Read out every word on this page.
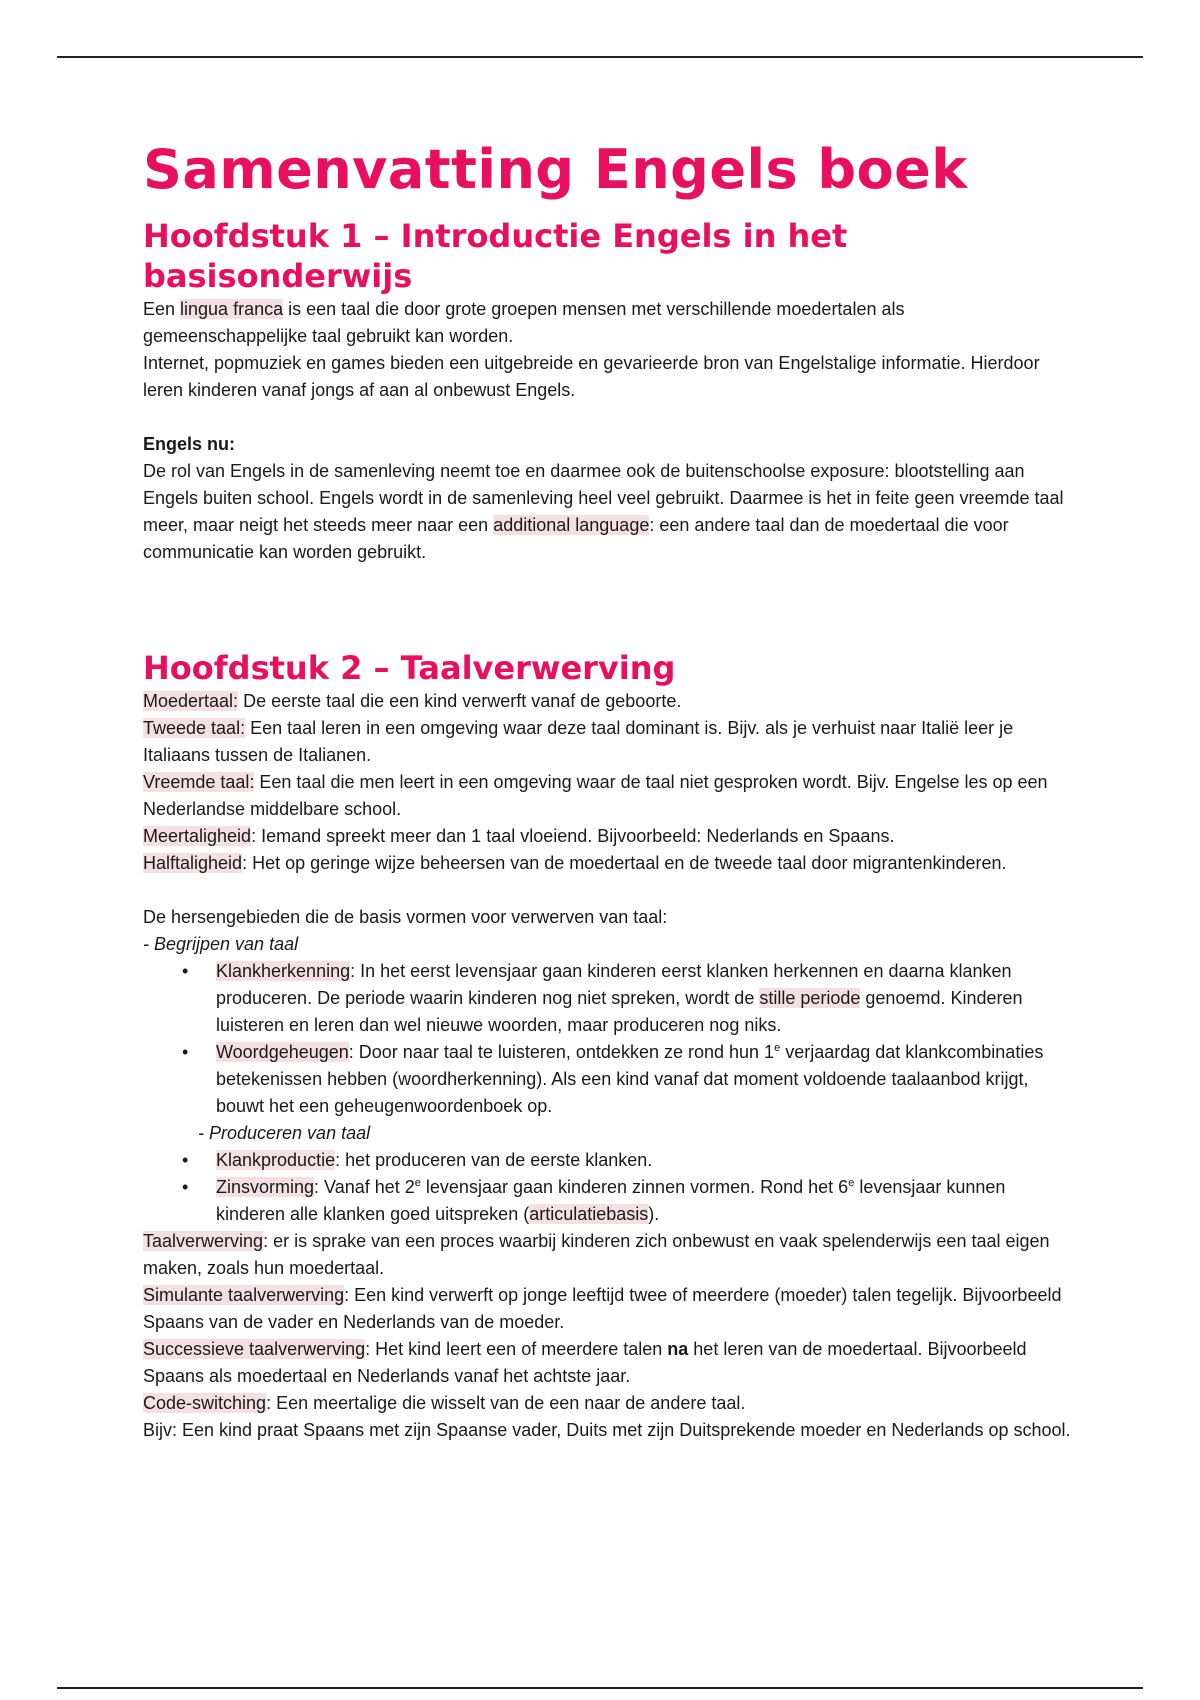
Samenvatting Engels boek
Hoofdstuk 1 – Introductie Engels in het basisonderwijs

Een lingua franca is een taal die door grote groepen mensen met verschillende moedertalen als gemeenschappelijke taal gebruikt kan worden.

Internet, popmuziek en games bieden een uitgebreide en gevarieerde bron van Engelstalige informatie. Hierdoor leren kinderen vanaf jongs af aan al onbewust Engels.

Engels nu:

De rol van Engels in de samenleving neemt toe en daarmee ook de buitenschoolse exposure: blootstelling aan Engels buiten school. Engels wordt in de samenleving heel veel gebruikt. Daarmee is het in feite geen vreemde taal meer, maar neigt het steeds meer naar een additional language: een andere taal dan de moedertaal die voor communicatie kan worden gebruikt.

Hoofdstuk 2 – Taalverwerving

Moedertaal: De eerste taal die een kind verwerft vanaf de geboorte.

Tweede taal: Een taal leren in een omgeving waar deze taal dominant is. Bijv. als je verhuist naar Italië leer je Italiaans tussen de Italianen.

Vreemde taal: Een taal die men leert in een omgeving waar de taal niet gesproken wordt. Bijv. Engelse les op een Nederlandse middelbare school.

Meertaligheid: Iemand spreekt meer dan 1 taal vloeiend. Bijvoorbeeld: Nederlands en Spaans.

Halftaligheid: Het op geringe wijze beheersen van de moedertaal en de tweede taal door migrantenkinderen.

De hersengebieden die de basis vormen voor verwerven van taal:

- Begrijpen van taal

• Klankherkenning: In het eerst levensjaar gaan kinderen eerst klanken herkennen en daarna klanken produceren. De periode waarin kinderen nog niet spreken, wordt de stille periode genoemd. Kinderen luisteren en leren dan wel nieuwe woorden, maar produceren nog niks.
• Woordgeheugen: Door naar taal te luisteren, ontdekken ze rond hun 1e verjaardag dat klankcombinaties betekenissen hebben (woordherkenning). Als een kind vanaf dat moment voldoende taalaanbod krijgt, bouwt het een geheugenwoordenboek op.

- Produceren van taal

• Klankproductie: het produceren van de eerste klanken.
• Zinsvorming: Vanaf het 2e levensjaar gaan kinderen zinnen vormen. Rond het 6e levensjaar kunnen kinderen alle klanken goed uitspreken (articulatiebasis).

Taalverwerving: er is sprake van een proces waarbij kinderen zich onbewust en vaak spelenderwijs een taal eigen maken, zoals hun moedertaal.

Simulante taalverwerving: Een kind verwerft op jonge leeftijd twee of meerdere (moeder) talen tegelijk. Bijvoorbeeld Spaans van de vader en Nederlands van de moeder.

Successieve taalverwerving: Het kind leert een of meerdere talen na het leren van de moedertaal. Bijvoorbeeld Spaans als moedertaal en Nederlands vanaf het achtste jaar.

Code-switching: Een meertalige die wisselt van de een naar de andere taal.

Bijv: Een kind praat Spaans met zijn Spaanse vader, Duits met zijn Duitsprekende moeder en Nederlands op school.
